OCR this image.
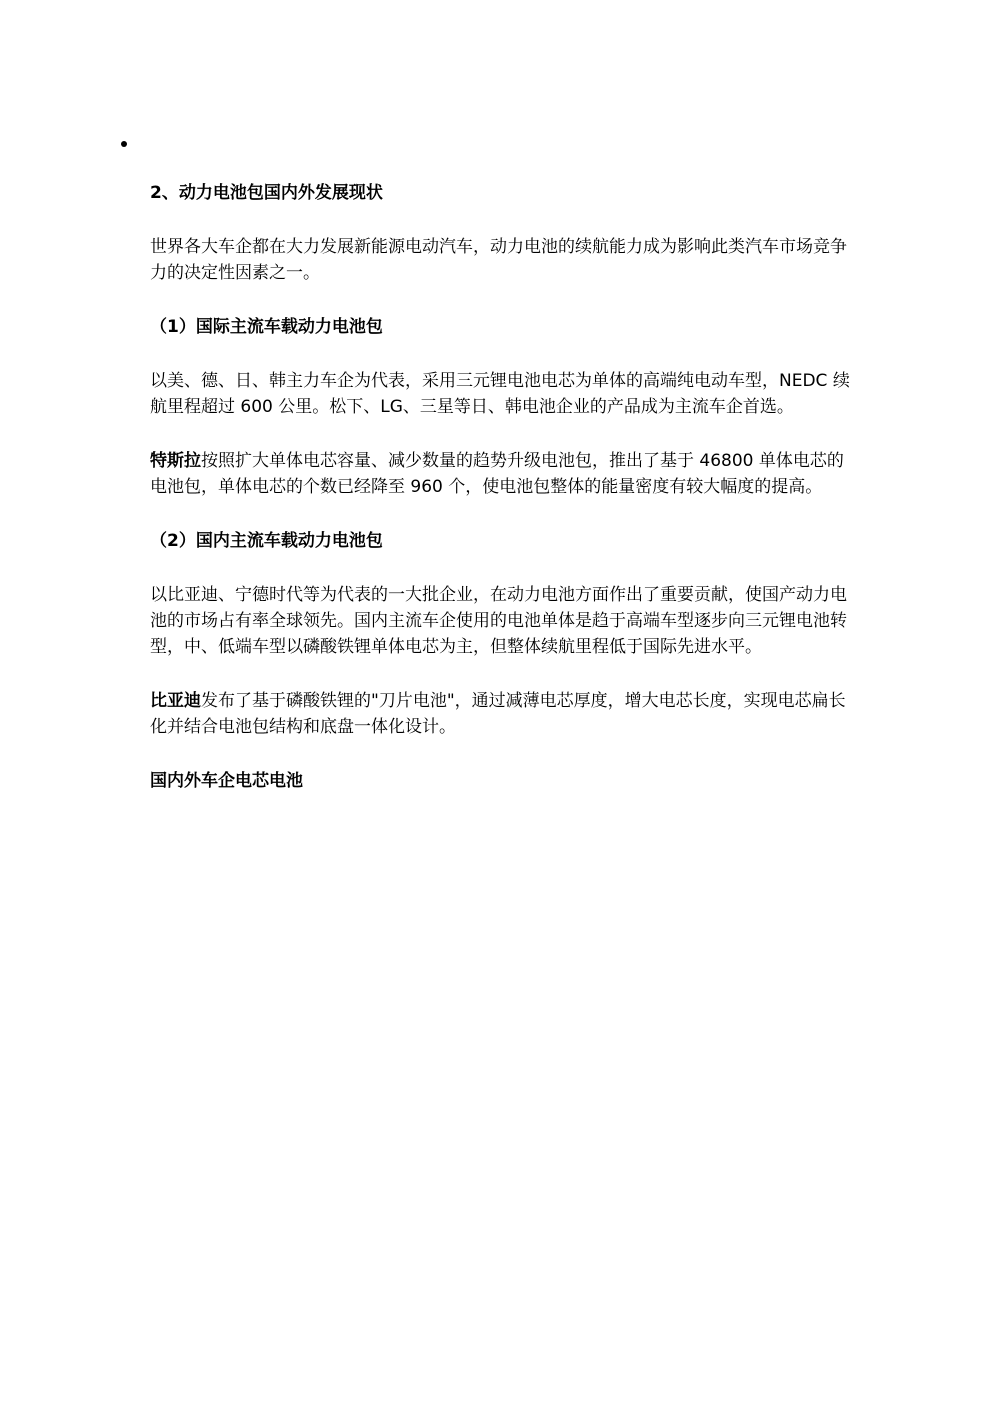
2、动力电池包国内外发展现状

世界各大车企都在大力发展新能源电动汽车，动力电池的续航能力成为影响此类汽车市场竞争力的决定性因素之一。

（1）国际主流车载动力电池包

以美、德、日、韩主力车企为代表，采用三元锂电池电芯为单体的高端纯电动车型，NEDC 续航里程超过 600 公里。松下、LG、三星等日、韩电池企业的产品成为主流车企首选。

特斯拉按照扩大单体电芯容量、减少数量的趋势升级电池包，推出了基于 46800 单体电芯的电池包，单体电芯的个数已经降至 960 个，使电池包整体的能量密度有较大幅度的提高。

（2）国内主流车载动力电池包

以比亚迪、宁德时代等为代表的一大批企业，在动力电池方面作出了重要贡献，使国产动力电池的市场占有率全球领先。国内主流车企使用的电池单体是趋于高端车型逐步向三元锂电池转型，中、低端车型以磷酸铁锂单体电芯为主，但整体续航里程低于国际先进水平。

比亚迪发布了基于磷酸铁锂的"刀片电池"，通过减薄电芯厚度，增大电芯长度，实现电芯扁长化并结合电池包结构和底盘一体化设计。

国内外车企电芯电池
